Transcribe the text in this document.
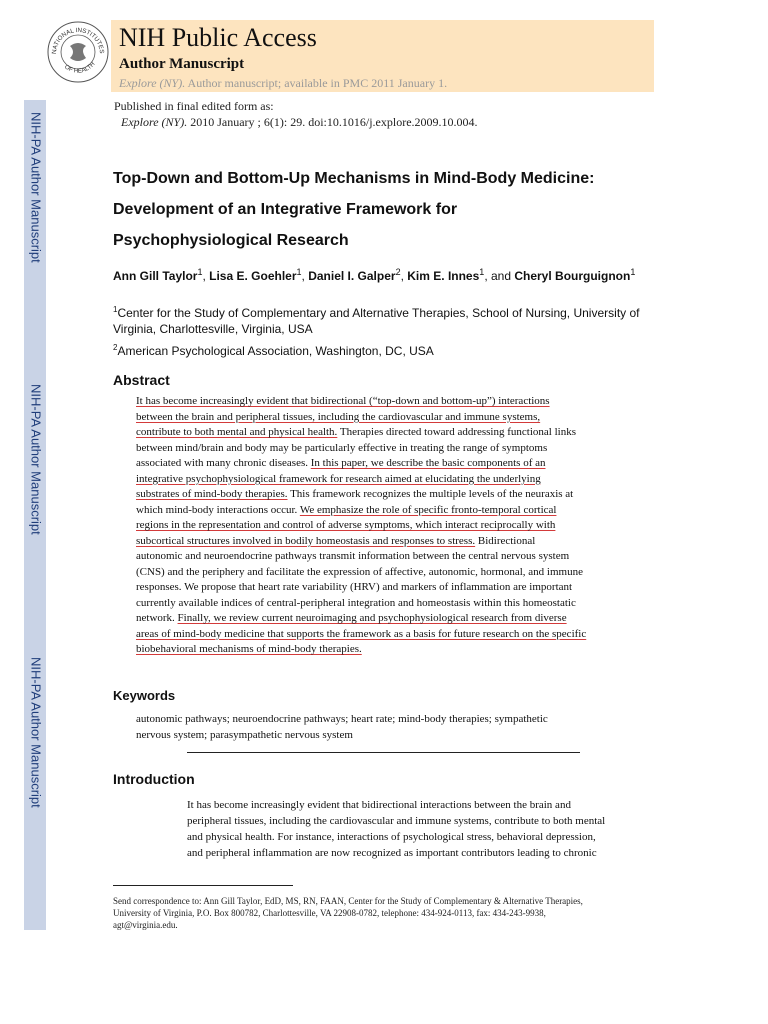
NIH-PA Author Manuscript
NIH-PA Author Manuscript
NIH-PA Author Manuscript
NATIONAL INSTITUTES
OF HEALTH
NIH Public Access
Author Manuscript
Explore (NY). Author manuscript; available in PMC 2011 January 1.
Published in final edited form as:
Explore (NY). 2010 January ; 6(1): 29. doi:10.1016/j.explore.2009.10.004.
Top-Down and Bottom-Up Mechanisms in Mind-Body Medicine:
Development of an Integrative Framework for
Psychophysiological Research
Ann Gill Taylor$^1$, Lisa E. Goehler$^1$, Daniel I. Galper$^2$, Kim E. Innes$^1$, and Cheryl Bourguignon$^1$
$^1$Center for the Study of Complementary and Alternative Therapies, School of Nursing, University of Virginia, Charlottesville, Virginia, USA
$^2$American Psychological Association, Washington, DC, USA
Abstract
It has become increasingly evident that bidirectional (“top-down and bottom-up”) interactions
between the brain and peripheral tissues, including the cardiovascular and immune systems,
contribute to both mental and physical health. Therapies directed toward addressing functional links
between mind/brain and body may be particularly effective in treating the range of symptoms
associated with many chronic diseases. In this paper, we describe the basic components of an
integrative psychophysiological framework for research aimed at elucidating the underlying
substrates of mind-body therapies. This framework recognizes the multiple levels of the neuraxis at
which mind-body interactions occur. We emphasize the role of specific fronto-temporal cortical
regions in the representation and control of adverse symptoms, which interact reciprocally with
subcortical structures involved in bodily homeostasis and responses to stress. Bidirectional
autonomic and neuroendocrine pathways transmit information between the central nervous system
(CNS) and the periphery and facilitate the expression of affective, autonomic, hormonal, and immune
responses. We propose that heart rate variability (HRV) and markers of inflammation are important
currently available indices of central-peripheral integration and homeostasis within this homeostatic
network. Finally, we review current neuroimaging and psychophysiological research from diverse
areas of mind-body medicine that supports the framework as a basis for future research on the specific
biobehavioral mechanisms of mind-body therapies.
Keywords
autonomic pathways; neuroendocrine pathways; heart rate; mind-body therapies; sympathetic
nervous system; parasympathetic nervous system
Introduction
It has become increasingly evident that bidirectional interactions between the brain and
peripheral tissues, including the cardiovascular and immune systems, contribute to both mental
and physical health. For instance, interactions of psychological stress, behavioral depression,
and peripheral inflammation are now recognized as important contributors leading to chronic
Send correspondence to: Ann Gill Taylor, EdD, MS, RN, FAAN, Center for the Study of Complementary & Alternative Therapies,
University of Virginia, P.O. Box 800782, Charlottesville, VA 22908-0782, telephone: 434-924-0113, fax: 434-243-9938,
agt@virginia.edu.
